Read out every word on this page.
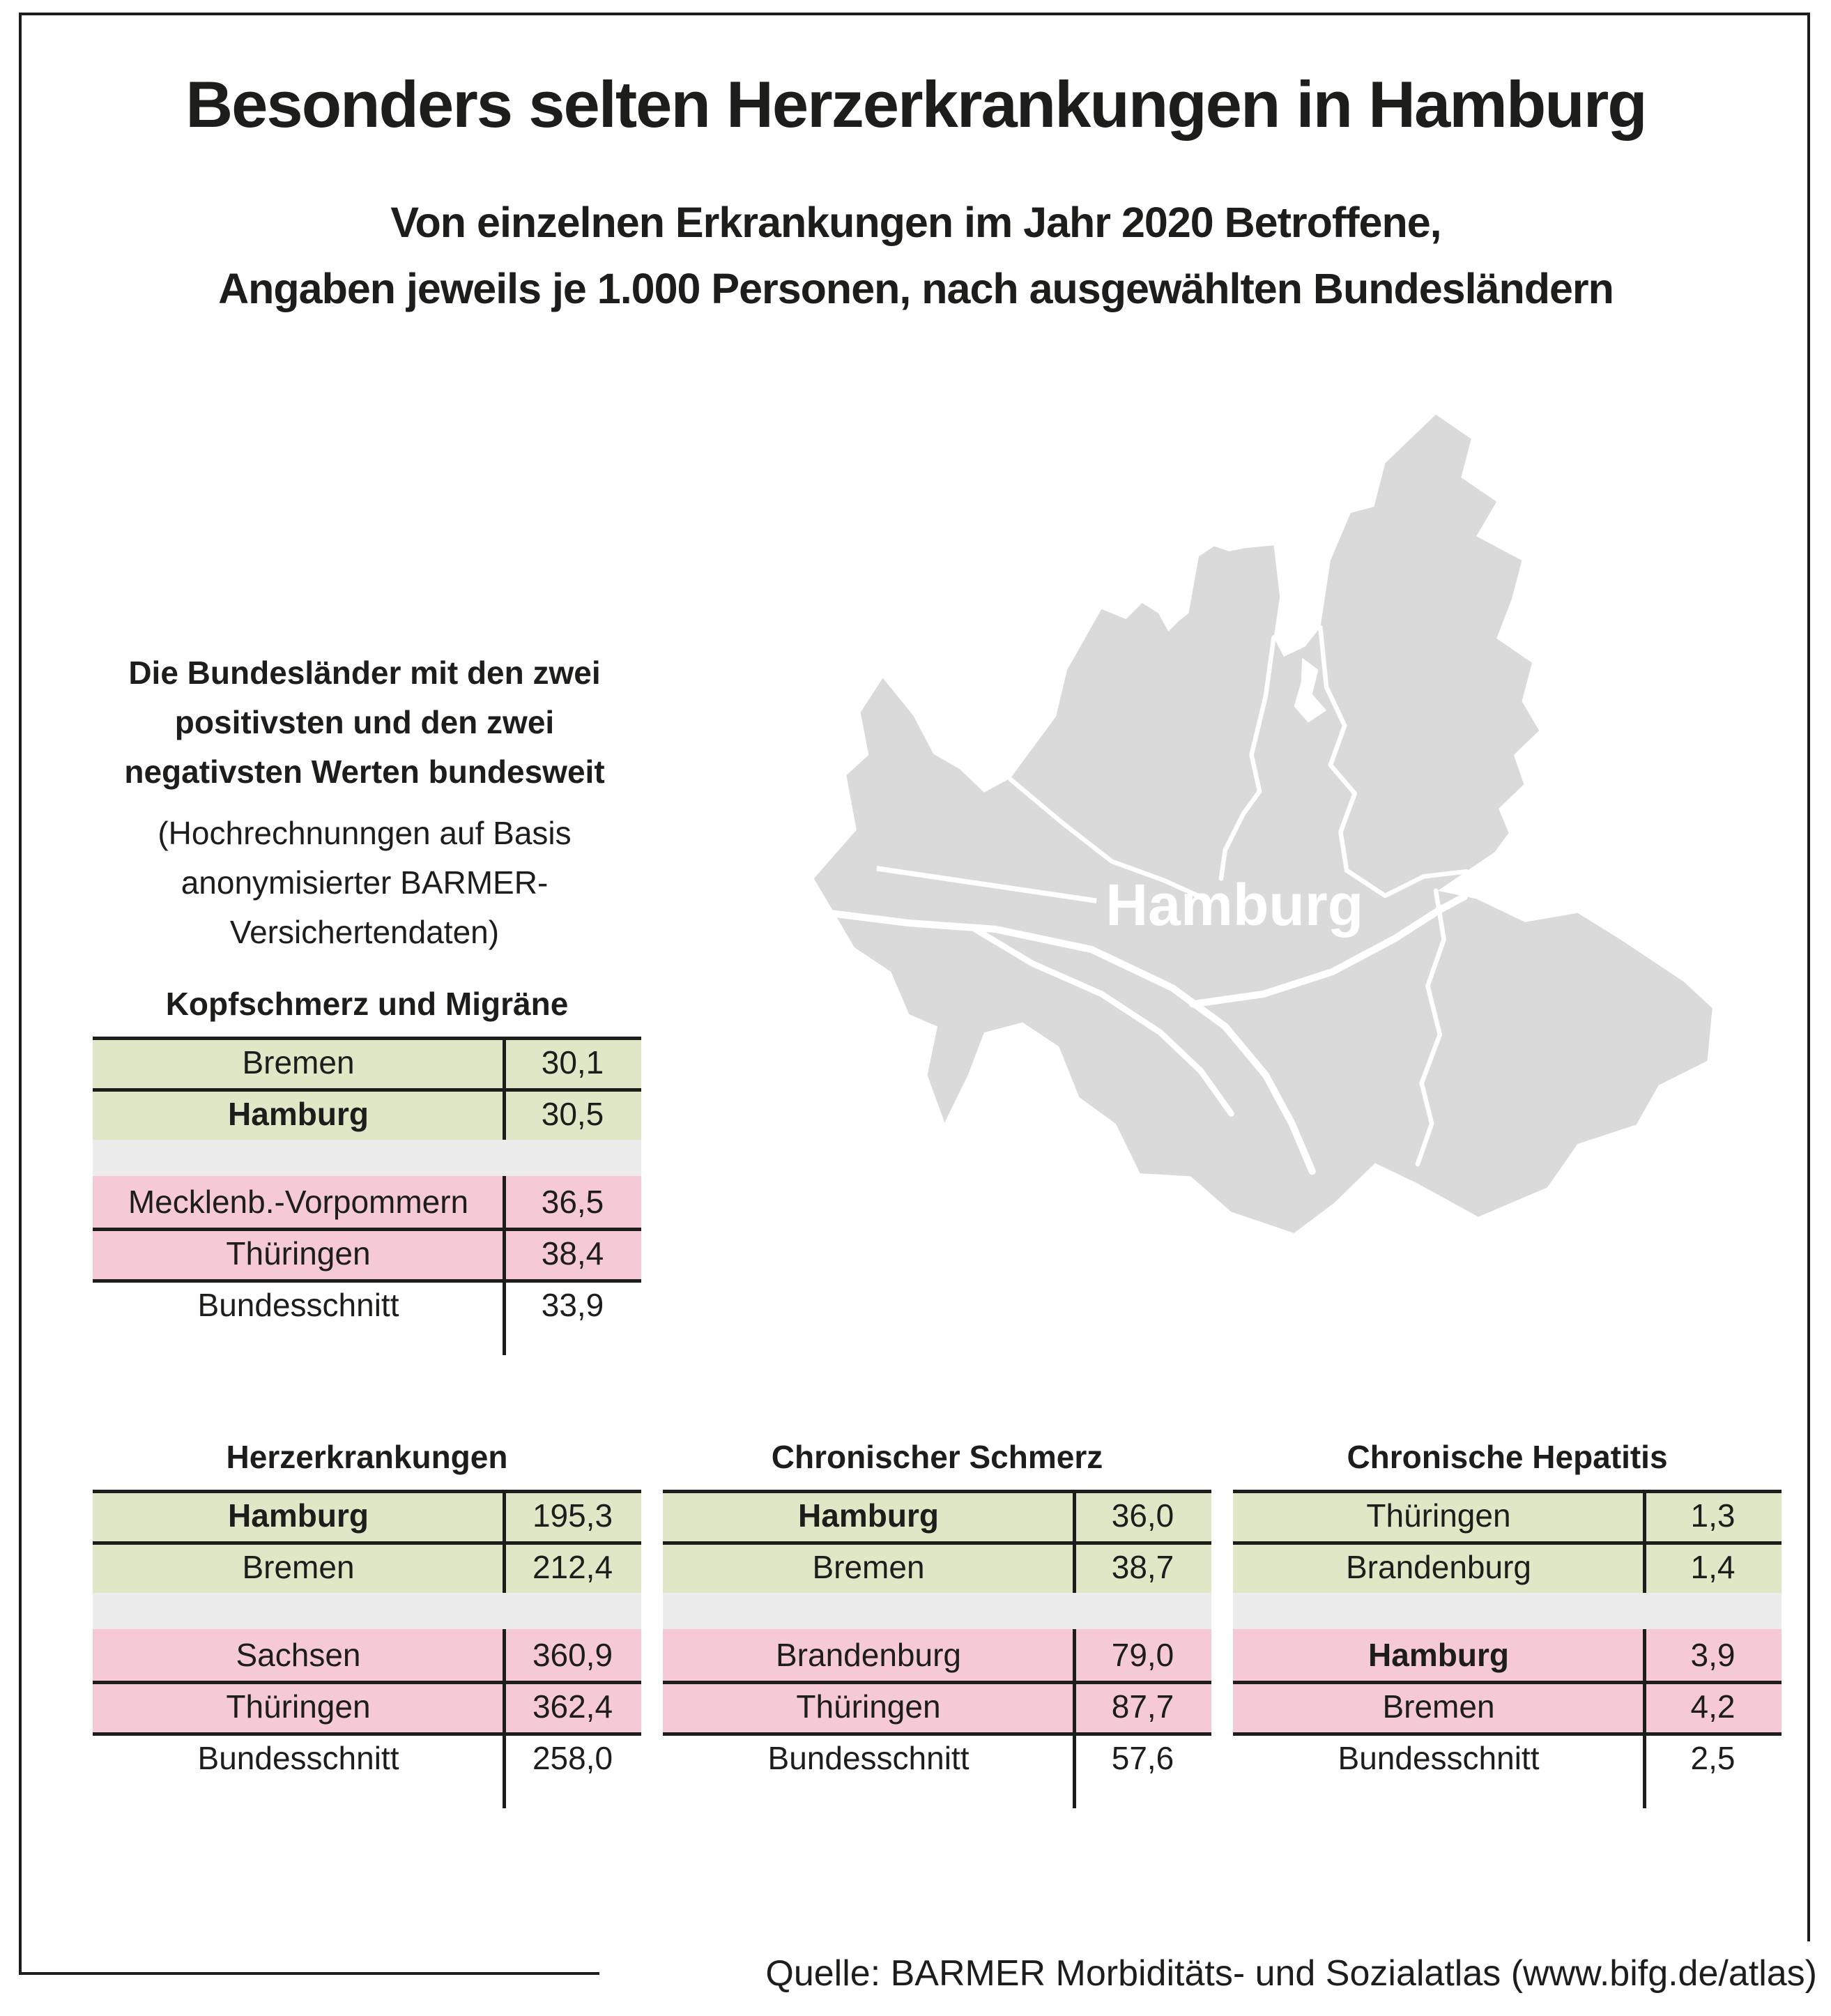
Besonders selten Herzerkrankungen in Hamburg
Von einzelnen Erkrankungen im Jahr 2020 Betroffene,
Angaben jeweils je 1.000 Personen, nach ausgewählten Bundesländern
Die Bundesländer mit den zwei
positivsten und den zwei
negativsten Werten bundesweit
(Hochrechnunngen auf Basis
anonymisierter BARMER-
Versichertendaten)	Hamburg
Kopfschmerz und Migräne
Bremen	30,1
Hamburg	30,5
Mecklenb.-Vorpommern	36,5
Thüringen	38,4
Bundesschnitt	33,9
Herzerkrankungen
Hamburg	195,3
Bremen	212,4
Sachsen	360,9
Thüringen	362,4
Bundesschnitt	258,0
Chronischer Schmerz
Hamburg	36,0
Bremen	38,7
Brandenburg	79,0
Thüringen	87,7
Bundesschnitt	57,6
Chronische Hepatitis
Thüringen	1,3
Brandenburg	1,4
Hamburg	3,9
Bremen	4,2
Bundesschnitt	2,5
Quelle: BARMER Morbiditäts- und Sozialatlas (www.bifg.de/atlas)
